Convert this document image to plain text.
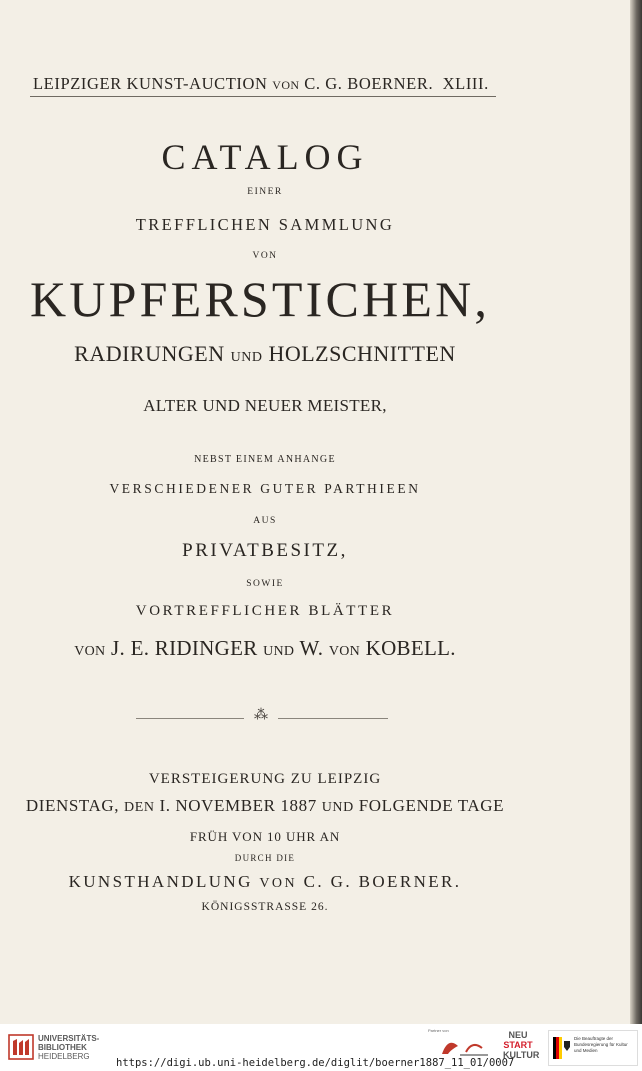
LEIPZIGER KUNST-AUCTION VON C. G. BOERNER. XLIII.
CATALOG
EINER
TREFFLICHEN SAMMLUNG
VON
KUPFERSTICHEN,
RADIRUNGEN UND HOLZSCHNITTEN
ALTER UND NEUER MEISTER,
NEBST EINEM ANHANGE
VERSCHIEDENER GUTER PARTHIEEN
AUS
PRIVATBESITZ,
SOWIE
VORTREFFLICHER BLÄTTER
VON J. E. RIDINGER UND W. VON KOBELL.
⁂
VERSTEIGERUNG ZU LEIPZIG
DIENSTAG, DEN I. NOVEMBER 1887 UND FOLGENDE TAGE
FRÜH VON 10 UHR AN
DURCH DIE
KUNSTHANDLUNG VON C. G. BOERNER.
KÖNIGSSTRASSE 26.
UNIVERSITÄTS-
BIBLIOTHEK
HEIDELBERG
https://digi.ub.uni-heidelberg.de/diglit/boerner1887_11_01/0007
Partner von	NEU
START
KULTUR
Die Beauftragte der Bundesregierung für Kultur und Medien
